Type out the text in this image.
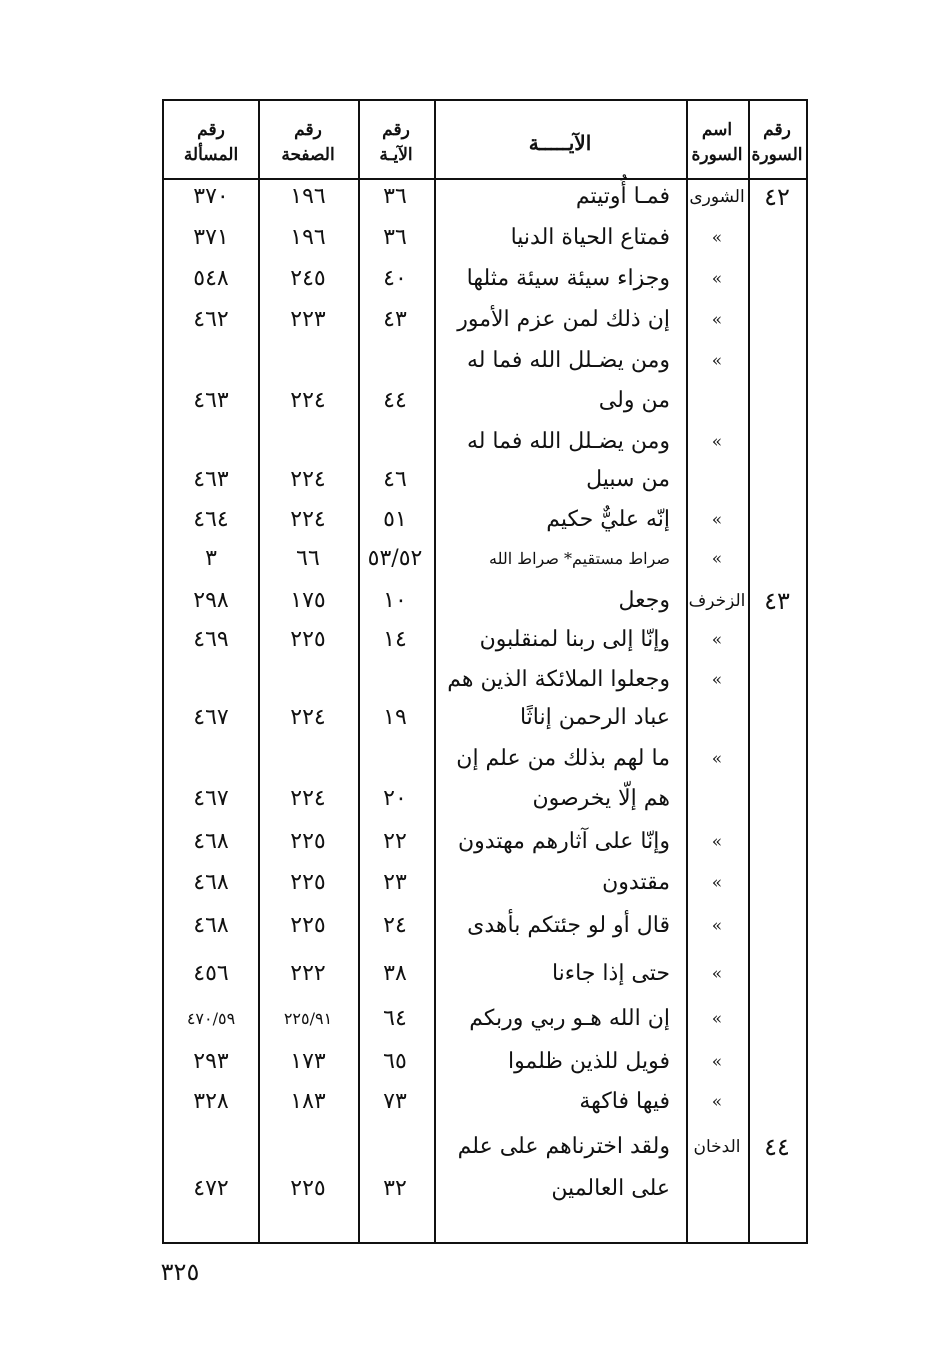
رقم
السورة
اسم
السورة
الآيـــــة
رقم
الآيـة
رقم
الصفحة
رقم
المسألة
٤٢
الشورى
فمـا أُوتيتم
٣٦
١٩٦
٣٧٠
»
فمتاع الحياة الدنيا
٣٦
١٩٦
٣٧١
»
وجزاء سيئة سيئة مثلها
٤٠
٢٤٥
٥٤٨
»
إن ذلك لمن عزم الأمور
٤٣
٢٢٣
٤٦٢
»
ومن يضـلل الله فما له
من ولى
٤٤
٢٢٤
٤٦٣
»
ومن يضـلل الله فما له
من سبيل
٤٦
٢٢٤
٤٦٣
»
إنّه عليٌّ حكيم
٥١
٢٢٤
٤٦٤
»
صراط مستقيم* صراط الله
٥٣/٥٢
٦٦
٣
٤٣
الزخرف
وجعل
١٠
١٧٥
٢٩٨
»
وإنّا إلى ربنا لمنقلبون
١٤
٢٢٥
٤٦٩
»
وجعلوا الملائكة الذين هم
عباد الرحمن إناثًا
١٩
٢٢٤
٤٦٧
»
ما لهم بذلك من علم إن
هم إلّا يخرصون
٢٠
٢٢٤
٤٦٧
»
وإنّا على آثارهم مهتدون
٢٢
٢٢٥
٤٦٨
»
مقتدون
٢٣
٢٢٥
٤٦٨
»
قال أو لو جئتكم بأهدى
٢٤
٢٢٥
٤٦٨
»
حتى إذا جاءنا
٣٨
٢٢٢
٤٥٦
»
إن الله هـو ربي وربكم
٦٤
٢٢٥/٩١
٤٧٠/٥٩
»
فويل للذين ظلموا
٦٥
١٧٣
٢٩٣
»
فيها فاكهة
٧٣
١٨٣
٣٢٨
٤٤
الدخان
ولقد اخترناهم على علم
على العالمين
٣٢
٢٢٥
٤٧٢
٣٢٥
